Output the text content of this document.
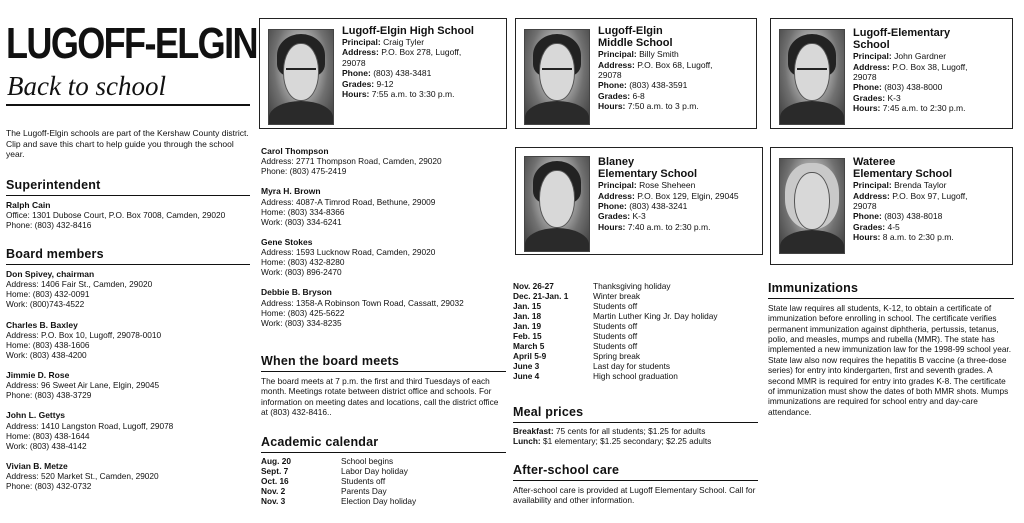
LUGOFF-ELGIN
Back to school
The Lugoff-Elgin schools are part of the Kershaw County district. Clip and save this chart to help guide you through the school year.
Superintendent
Ralph Cain
Office: 1301 Dubose Court, P.O. Box 7008, Camden, 29020
Phone: (803) 432-8416
Board members
Don Spivey, chairman
Address: 1406 Fair St., Camden, 29020
Home: (803) 432-0091
Work: (800)743-4522
Charles B. Baxley
Address: P.O. Box 10, Lugoff, 29078-0010
Home: (803) 438-1606
Work: (803) 438-4200
Jimmie D. Rose
Address: 96 Sweet Air Lane, Elgin, 29045
Phone: (803) 438-3729
John L. Gettys
Address: 1410 Langston Road, Lugoff, 29078
Home: (803) 438-1644
Work: (803) 438-4142
Vivian B. Metze
Address: 520 Market St., Camden, 29020
Phone: (803) 432-0732
Carol Thompson
Address: 2771 Thompson Road, Camden, 29020
Phone: (803) 475-2419
Myra H. Brown
Address: 4087-A Timrod Road, Bethune, 29009
Home: (803) 334-8366
Work: (803) 334-6241
Gene Stokes
Address: 1593 Lucknow Road, Camden, 29020
Home: (803) 432-8280
Work: (803) 896-2470
Debbie B. Bryson
Address: 1358-A Robinson Town Road, Cassatt, 29032
Home: (803) 425-5622
Work: (803) 334-8235
When the board meets
The board meets at 7 p.m. the first and third Tuesdays of each month. Meetings rotate between district office and schools. For information on meeting dates and locations, call the district office at (803) 432-8416..
Academic calendar
Aug. 20	School begins
Sept. 7	Labor Day holiday
Oct. 16	Students off
Nov. 2	Parents Day
Nov. 3	Election Day holiday
Nov. 26-27	Thanksgiving holiday
Dec. 21-Jan. 1	Winter break
Jan. 15	Students off
Jan. 18	Martin Luther King Jr. Day holiday
Jan. 19	Students off
Feb. 15	Students off
March 5	Students off
April 5-9	Spring break
June 3	Last day for students
June 4	High school graduation
Meal prices
Breakfast: 75 cents for all students; $1.25 for adults
Lunch: $1 elementary; $1.25 secondary; $2.25 adults
After-school care
After-school care is provided at Lugoff Elementary School. Call for availability and other information.
Immunizations
State law requires all students, K-12, to obtain a certificate of immunization before enrolling in school. The certificate verifies permanent immunization against diphtheria, pertussis, tetanus, polio, and measles, mumps and rubella (MMR). The state has implemented a new immunization law for the 1998-99 school year. State law also now requires the hepatitis B vaccine (a three-dose series) for entry into kindergarten, first and seventh grades. A second MMR is required for entry into grades K-8. The certificate of immunization must show the dates of both MMR shots. Mumps immunizations are required for school entry and day-care attendance.
Lugoff-Elgin High School
Principal: Craig Tyler
Address: P.O. Box 278, Lugoff,
29078
Phone: (803) 438-3481
Grades: 9-12
Hours: 7:55 a.m. to 3:30 p.m.
Lugoff-Elgin
Middle School
Principal: Billy Smith
Address: P.O. Box 68, Lugoff,
29078
Phone: (803) 438-3591
Grades: 6-8
Hours: 7:50 a.m. to 3 p.m.
Lugoff-Elementary
School
Principal: John Gardner
Address: P.O. Box 38, Lugoff,
29078
Phone: (803) 438-8000
Grades: K-3
Hours: 7:45 a.m. to 2:30 p.m.
Blaney
Elementary School
Principal: Rose Sheheen
Address: P.O. Box 129, Elgin, 29045
Phone: (803) 438-3241
Grades: K-3
Hours: 7:40 a.m. to 2:30 p.m.
Wateree
Elementary School
Principal: Brenda Taylor
Address: P.O. Box 97, Lugoff,
29078
Phone: (803) 438-8018
Grades: 4-5
Hours: 8 a.m. to 2:30 p.m.
